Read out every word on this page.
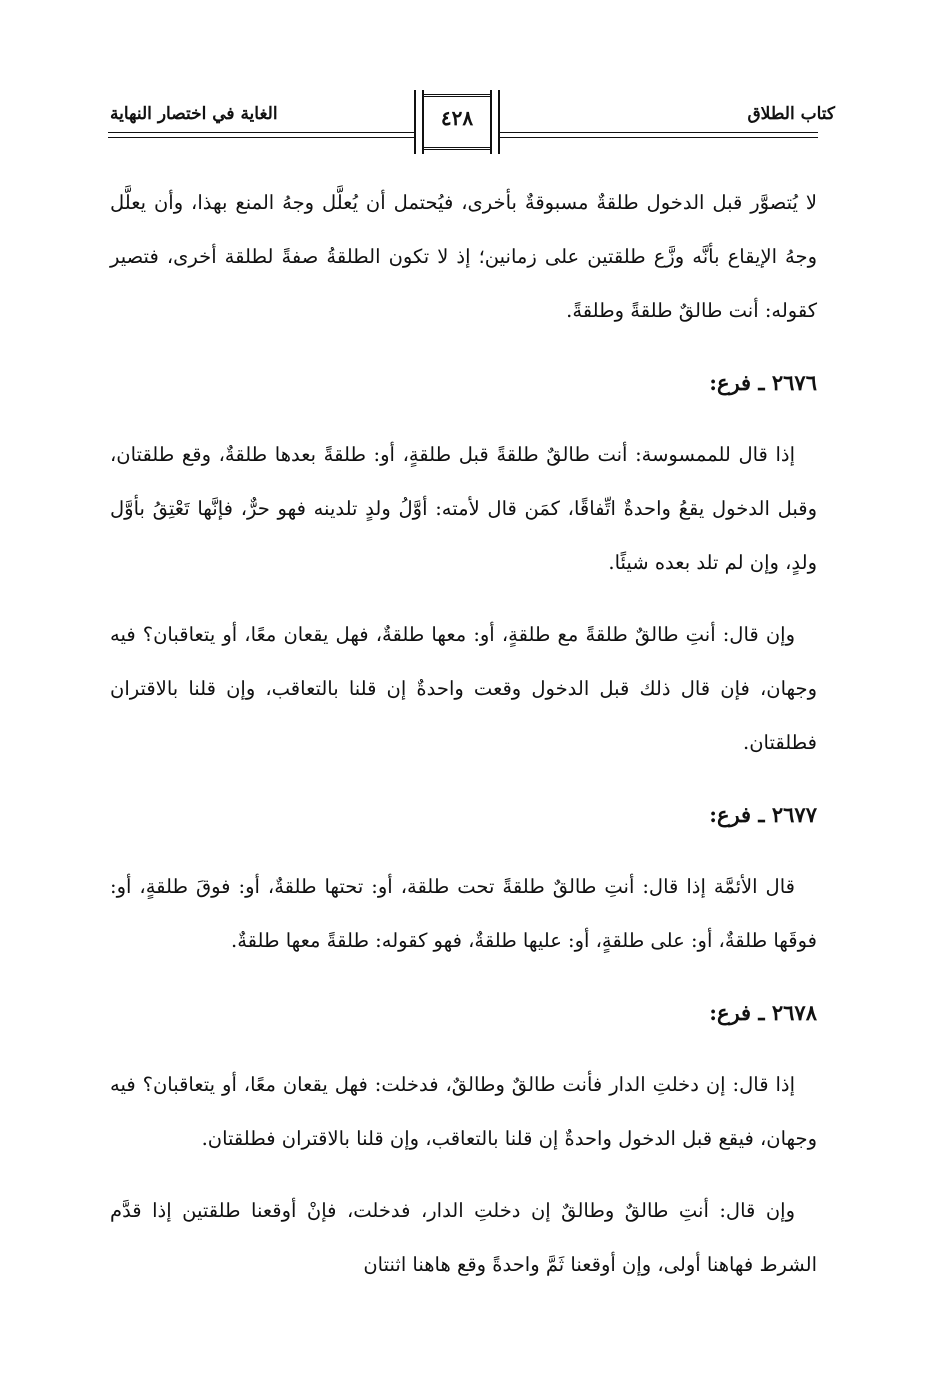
كتاب الطلاق
الغاية في اختصار النهاية	٤٢٨

لا يُتصوَّر قبل الدخول طلقةٌ مسبوقةٌ بأخرى، فيُحتمل أن يُعلَّل وجهُ المنع بهذا، وأن يعلَّل وجهُ الإيقاع بأنَّه وزَّع طلقتين على زمانين؛ إذ لا تكون الطلقةُ صفةً لطلقة أخرى، فتصير كقوله: أنت طالقٌ طلقةً وطلقةً.

٢٦٧٦ ـ فرع:

إذا قال للممسوسة: أنت طالقٌ طلقةً قبل طلقةٍ، أو: طلقةً بعدها طلقةٌ، وقع طلقتان، وقبل الدخول يقعُ واحدةٌ اتِّفاقًا، كمَن قال لأمته: أوَّلُ ولدٍ تلدينه فهو حرٌّ، فإنَّها تَعْتِقُ بأوَّل ولدٍ، وإن لم تلد بعده شيئًا.

وإن قال: أنتِ طالقٌ طلقةً مع طلقةٍ، أو: معها طلقةٌ، فهل يقعان معًا، أو يتعاقبان؟ فيه وجهان، فإن قال ذلك قبل الدخول وقعت واحدةٌ إن قلنا بالتعاقب، وإن قلنا بالاقتران فطلقتان.

٢٦٧٧ ـ فرع:

قال الأئمَّة إذا قال: أنتِ طالقٌ طلقةً تحت طلقة، أو: تحتها طلقةٌ، أو: فوقَ طلقةٍ، أو: فوقَها طلقةٌ، أو: على طلقةٍ، أو: عليها طلقةٌ، فهو كقوله: طلقةً معها طلقةٌ.

٢٦٧٨ ـ فرع:

إذا قال: إن دخلتِ الدار فأنت طالقٌ وطالقٌ، فدخلت: فهل يقعان معًا، أو يتعاقبان؟ فيه وجهان، فيقع قبل الدخول واحدةٌ إن قلنا بالتعاقب، وإن قلنا بالاقتران فطلقتان.

وإن قال: أنتِ طالقٌ وطالقٌ إن دخلتِ الدار، فدخلت، فإنْ أوقعنا طلقتين إذا قدَّم الشرط فهاهنا أولى، وإن أوقعنا ثَمَّ واحدةً وقع هاهنا اثنتان
